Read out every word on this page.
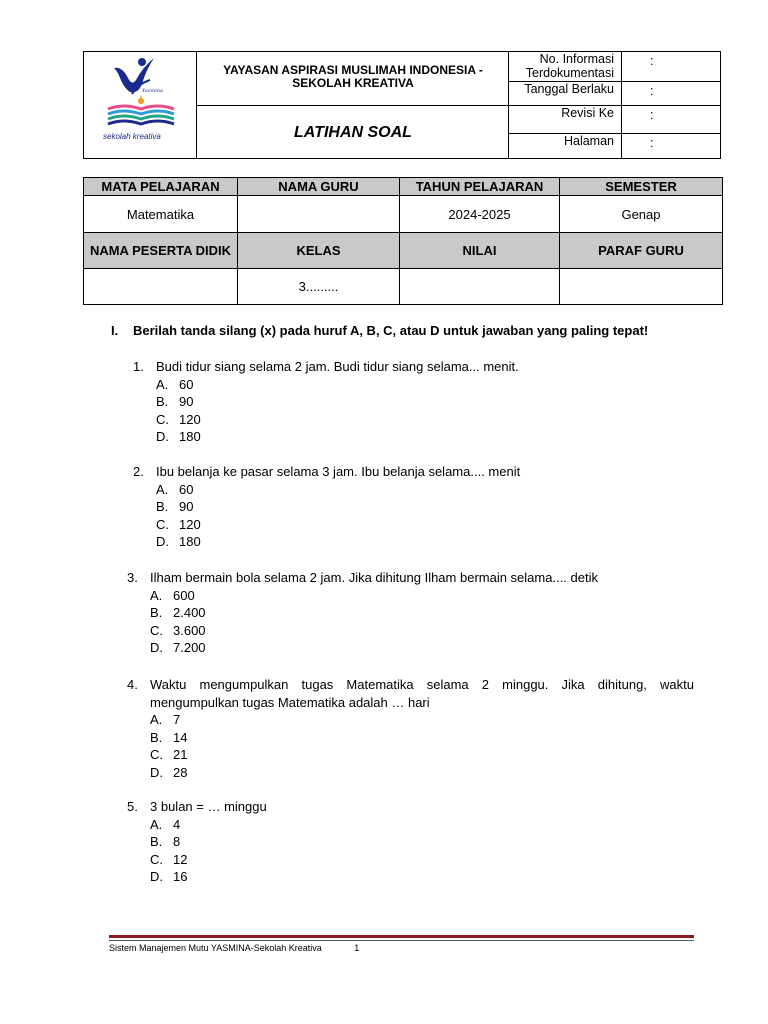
Yasmina
sekolah kreativa
YAYASAN ASPIRASI MUSLIMAH INDONESIA -
SEKOLAH KREATIVA
LATIHAN SOAL
No. Informasi
Terdokumentasi
:
Tanggal Berlaku	:
Revisi Ke	:
Halaman	:
MATA PELAJARAN	NAMA GURU	TAHUN PELAJARAN	SEMESTER
Matematika		2024-2025	Genap
NAMA PESERTA DIDIK	KELAS	NILAI	PARAF GURU
	3.........		
I. Berilah tanda silang (x) pada huruf A, B, C, atau D untuk jawaban yang paling tepat!
1. Budi tidur siang selama 2 jam. Budi tidur siang selama... menit.
A. 60
B. 90
C. 120
D. 180
2. Ibu belanja ke pasar selama 3 jam. Ibu belanja selama.... menit
A. 60
B. 90
C. 120
D. 180
3. Ilham bermain bola selama 2 jam. Jika dihitung Ilham bermain selama.... detik
A. 600
B. 2.400
C. 3.600
D. 7.200
4. Waktu mengumpulkan tugas Matematika selama 2 minggu. Jika dihitung, waktu
mengumpulkan tugas Matematika adalah … hari
A. 7
B. 14
C. 21
D. 28
5. 3 bulan = … minggu
A. 4
B. 8
C. 12
D. 16
Sistem Manajemen Mutu YASMINA-Sekolah Kreativa	1
